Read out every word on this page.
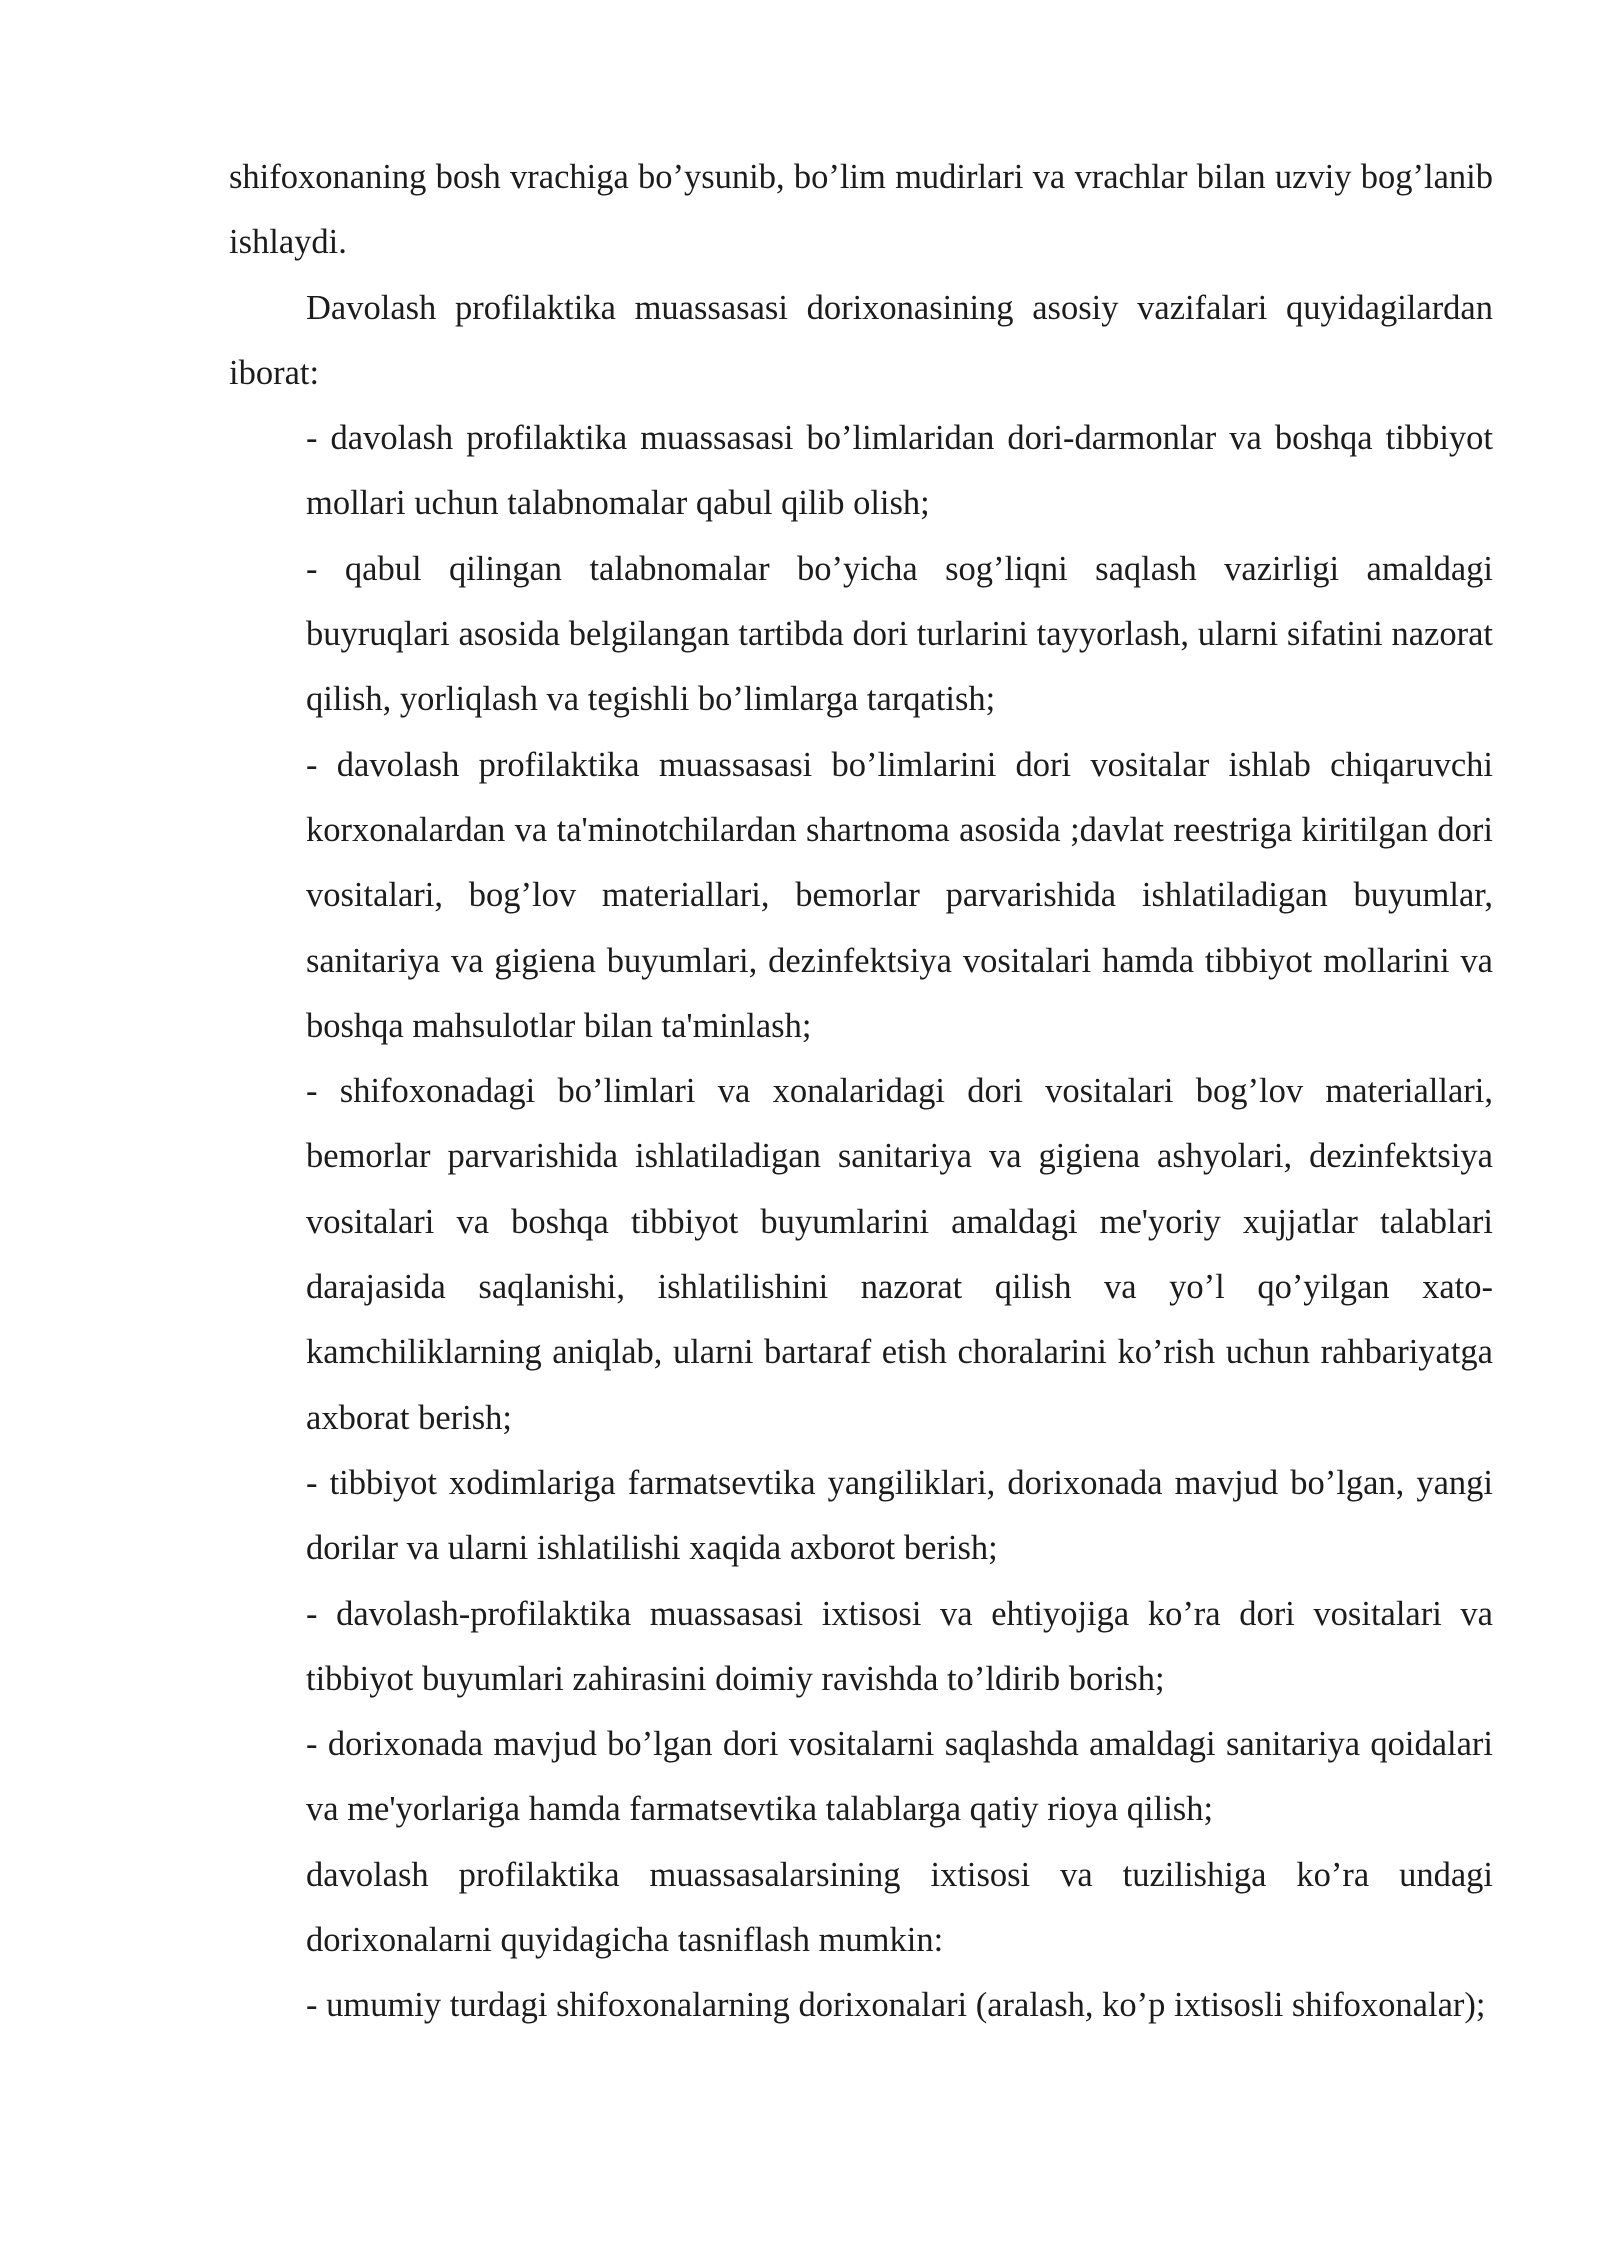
shifoxonaning bosh vrachiga bo’ysunib, bo’lim mudirlari va vrachlar bilan uzviy bog’lanib ishlaydi.

Davolash profilaktika muassasasi dorixonasining asosiy vazifalari quyidagilardan iborat:

- davolash profilaktika muassasasi bo’limlaridan dori-darmonlar va boshqa tibbiyot mollari uchun talabnomalar qabul qilib olish;

- qabul qilingan talabnomalar bo’yicha sog’liqni saqlash vazirligi amaldagi buyruqlari asosida belgilangan tartibda dori turlarini tayyorlash, ularni sifatini nazorat qilish, yorliqlash va tegishli bo’limlarga tarqatish;

- davolash profilaktika muassasasi bo’limlarini dori vositalar ishlab chiqaruvchi korxonalardan va ta'minotchilardan shartnoma asosida ;davlat reestriga kiritilgan dori vositalari, bog’lov materiallari, bemorlar parvarishida ishlatiladigan buyumlar, sanitariya va gigiena buyumlari, dezinfektsiya vositalari hamda tibbiyot mollarini va boshqa mahsulotlar bilan ta'minlash;

- shifoxonadagi bo’limlari va xonalaridagi dori vositalari bog’lov materiallari, bemorlar parvarishida ishlatiladigan sanitariya va gigiena ashyolari, dezinfektsiya vositalari va boshqa tibbiyot buyumlarini amaldagi me'yoriy xujjatlar talablari darajasida saqlanishi, ishlatilishini nazorat qilish va yo’l qo’yilgan xato-kamchiliklarning aniqlab, ularni bartaraf etish choralarini ko’rish uchun rahbariyatga axborat berish;

- tibbiyot xodimlariga farmatsevtika yangiliklari, dorixonada mavjud bo’lgan, yangi dorilar va ularni ishlatilishi xaqida axborot berish;

- davolash-profilaktika muassasasi ixtisosi va ehtiyojiga ko’ra dori vositalari va tibbiyot buyumlari zahirasini doimiy ravishda to’ldirib borish;

- dorixonada mavjud bo’lgan dori vositalarni saqlashda amaldagi sanitariya qoidalari va me'yorlariga hamda farmatsevtika talablarga qatiy rioya qilish;

davolash profilaktika muassasalarsining ixtisosi va tuzilishiga ko’ra undagi dorixonalarni quyidagicha tasniflash mumkin:

- umumiy turdagi shifoxonalarning dorixonalari (aralash, ko’p ixtisosli shifoxonalar);
